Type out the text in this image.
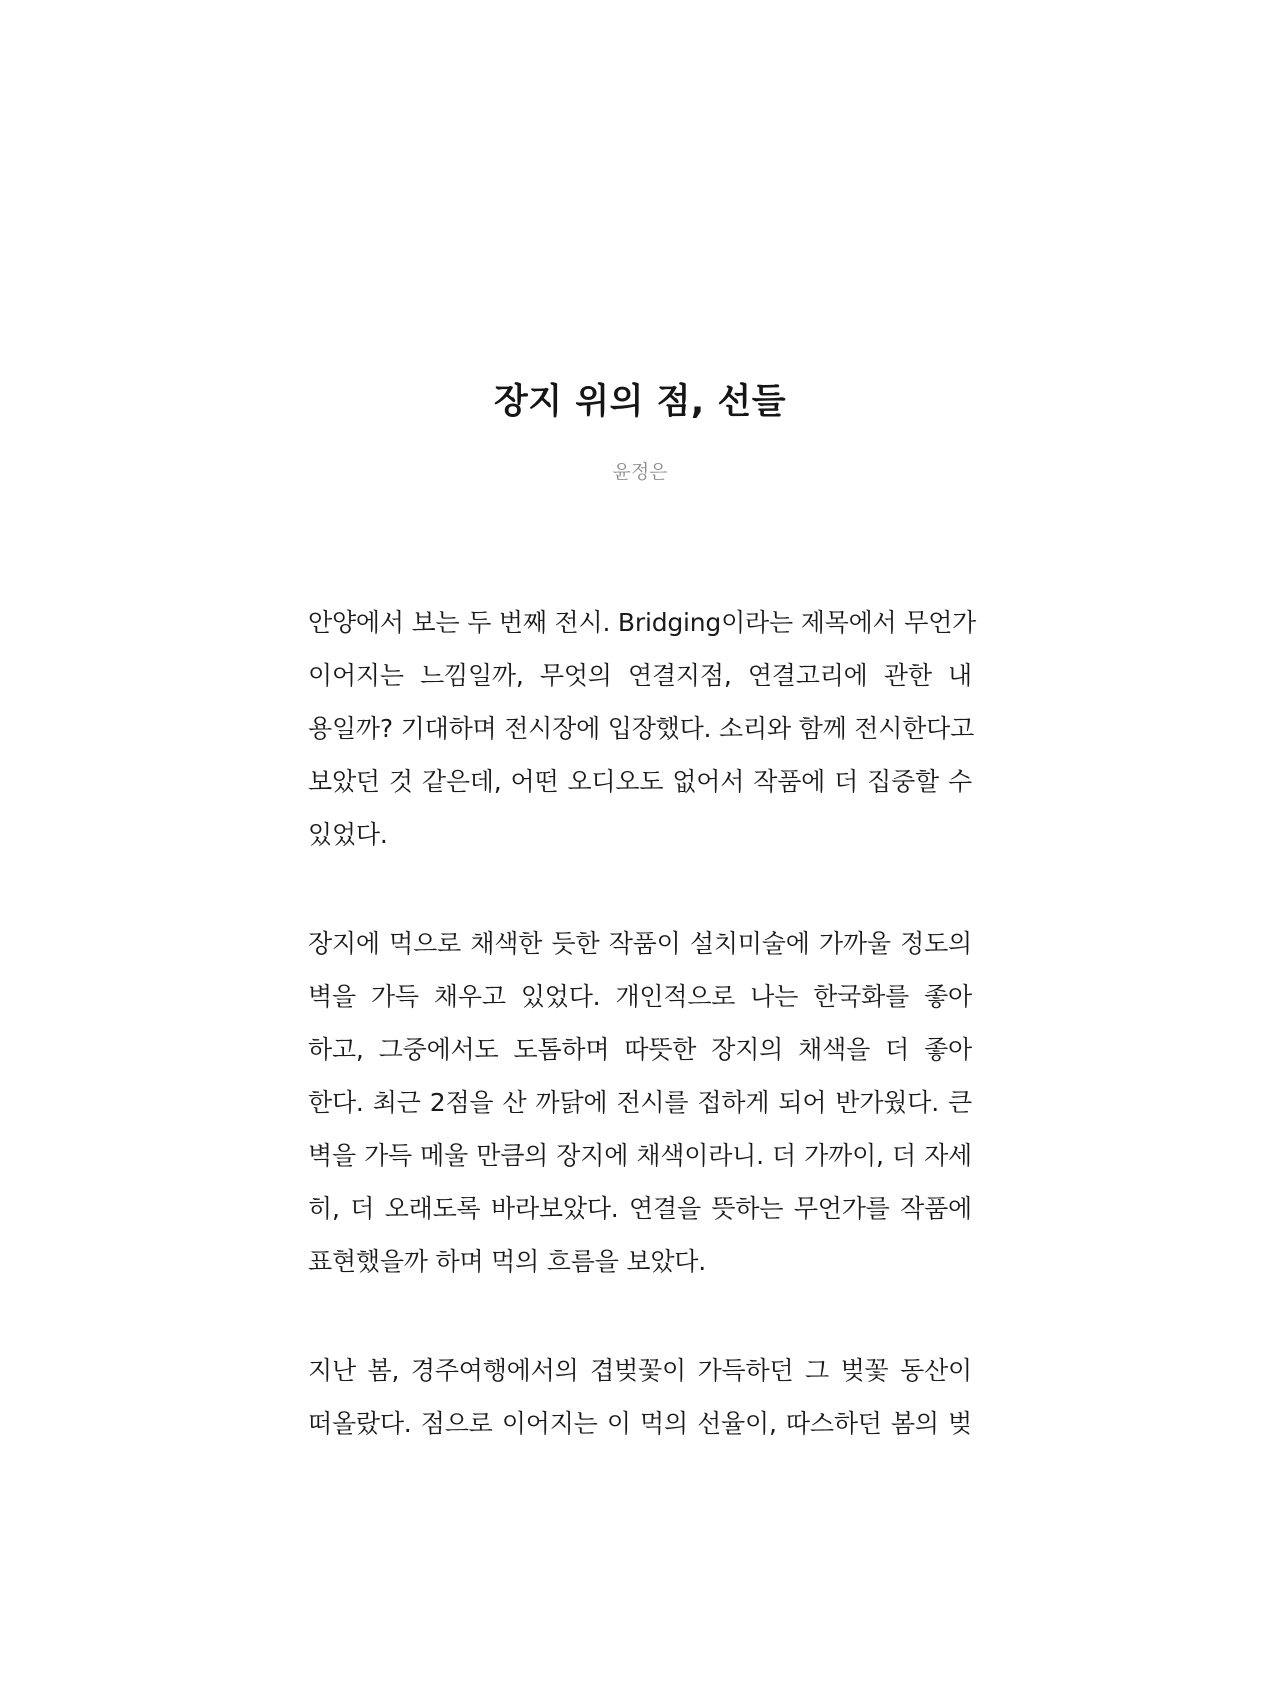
장지 위의 점, 선들
윤정은

안양에서 보는 두 번째 전시. Bridging이라는 제목에서 무언가
이어지는 느낌일까, 무엇의 연결지점, 연결고리에 관한 내
용일까? 기대하며 전시장에 입장했다. 소리와 함께 전시한다고
보았던 것 같은데, 어떤 오디오도 없어서 작품에 더 집중할 수
있었다.

장지에 먹으로 채색한 듯한 작품이 설치미술에 가까울 정도의
벽을 가득 채우고 있었다. 개인적으로 나는 한국화를 좋아
하고, 그중에서도 도톰하며 따뜻한 장지의 채색을 더 좋아
한다. 최근 2점을 산 까닭에 전시를 접하게 되어 반가웠다. 큰
벽을 가득 메울 만큼의 장지에 채색이라니. 더 가까이, 더 자세
히, 더 오래도록 바라보았다. 연결을 뜻하는 무언가를 작품에
표현했을까 하며 먹의 흐름을 보았다.

지난 봄, 경주여행에서의 겹벚꽃이 가득하던 그 벚꽃 동산이
떠올랐다. 점으로 이어지는 이 먹의 선율이, 따스하던 봄의 벚
